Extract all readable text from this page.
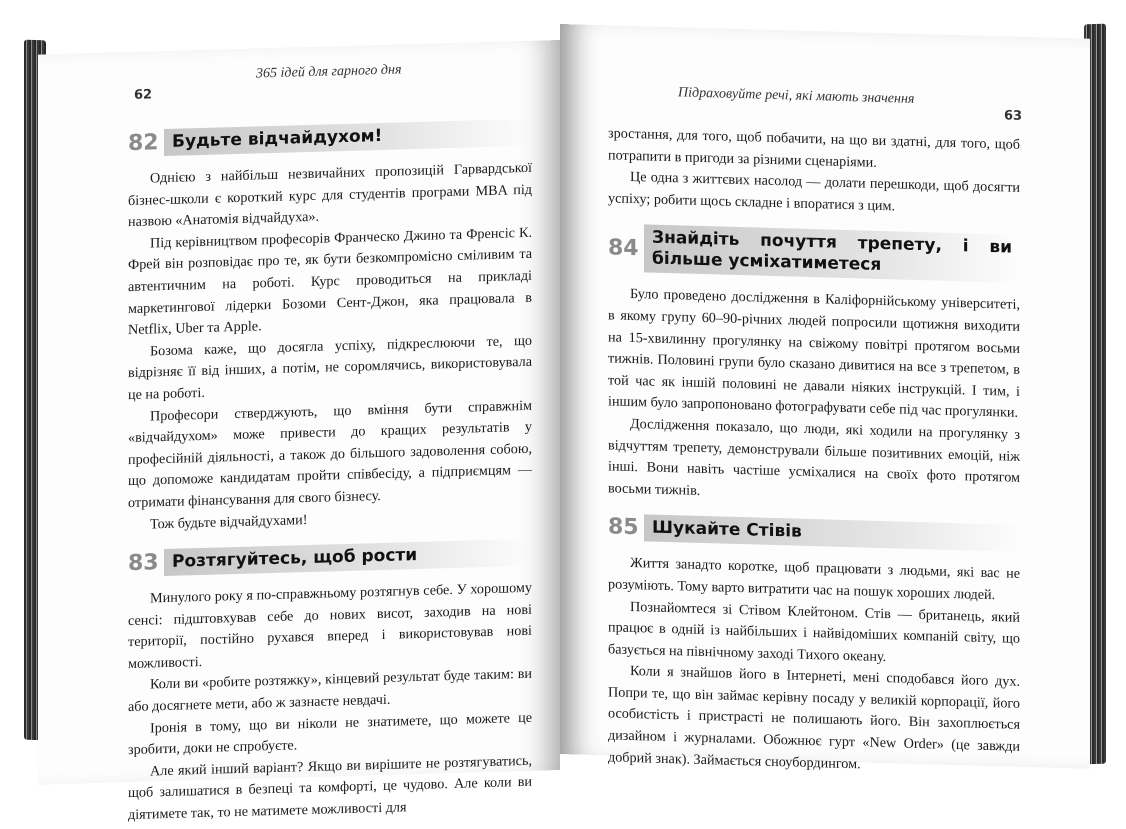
62
365 ідей для гарного дня
82 Будьте відчайдухом!

Однією з найбільш незвичайних пропозицій Гарвардської бізнес-школи є короткий курс для студентів програми MBA під назвою «Анатомія відчайдуха».

Під керівництвом професорів Франческо Джино та Френсіс К. Фрей він розповідає про те, як бути безкомпромісно сміливим та автентичним на роботі. Курс проводиться на прикладі маркетингової лідерки Бозоми Сент-Джон, яка працювала в Netflix, Uber та Apple.

Бозома каже, що досягла успіху, підкреслюючи те, що відрізняє її від інших, а потім, не соромлячись, використовувала це на роботі.

Професори стверджують, що вміння бути справжнім «відчайдухом» може привести до кращих результатів у професійній діяльності, а також до більшого задоволення собою, що допоможе кандидатам пройти співбесіду, а підприємцям — отримати фінансування для свого бізнесу.

Тож будьте відчайдухами!

83 Розтягуйтесь, щоб рости

Минулого року я по-справжньому розтягнув себе. У хорошому сенсі: підштовхував себе до нових висот, заходив на нові території, постійно рухався вперед і використовував нові можливості.

Коли ви «робите розтяжку», кінцевий результат буде таким: ви або досягнете мети, або ж зазнаєте невдачі.

Іронія в тому, що ви ніколи не знатимете, що можете це зробити, доки не спробуєте.

Але який інший варіант? Якщо ви вирішите не розтягуватись, щоб залишатися в безпеці та комфорті, це чудово. Але коли ви діятимете так, то не матимете можливості для

Підраховуйте речі, які мають значення
63

зростання, для того, щоб побачити, на що ви здатні, для того, щоб потрапити в пригоди за різними сценаріями.

Це одна з життєвих насолод — долати перешкоди, щоб досягти успіху; робити щось складне і впоратися з цим.

84 Знайдіть почуття трепету, і ви більше усміхатиметеся

Було проведено дослідження в Каліфорнійському університеті, в якому групу 60–90-річних людей попросили щотижня виходити на 15-хвилинну прогулянку на свіжому повітрі протягом восьми тижнів. Половині групи було сказано дивитися на все з трепетом, в той час як іншій половині не давали ніяких інструкцій. І тим, і іншим було запропоновано фотографувати себе під час прогулянки.

Дослідження показало, що люди, які ходили на прогулянку з відчуттям трепету, демонстрували більше позитивних емоцій, ніж інші. Вони навіть частіше усміхалися на своїх фото протягом восьми тижнів.

85 Шукайте Стівів

Життя занадто коротке, щоб працювати з людьми, які вас не розуміють. Тому варто витратити час на пошук хороших людей.

Познайомтеся зі Стівом Клейтоном. Стів — британець, який працює в одній із найбільших і найвідоміших компаній світу, що базується на північному заході Тихого океану.

Коли я знайшов його в Інтернеті, мені сподобався його дух. Попри те, що він займає керівну посаду у великій корпорації, його особистість і пристрасті не полишають його. Він захоплюється дизайном і журналами. Обожнює гурт «New Order» (це завжди добрий знак). Займається сноубордингом.
